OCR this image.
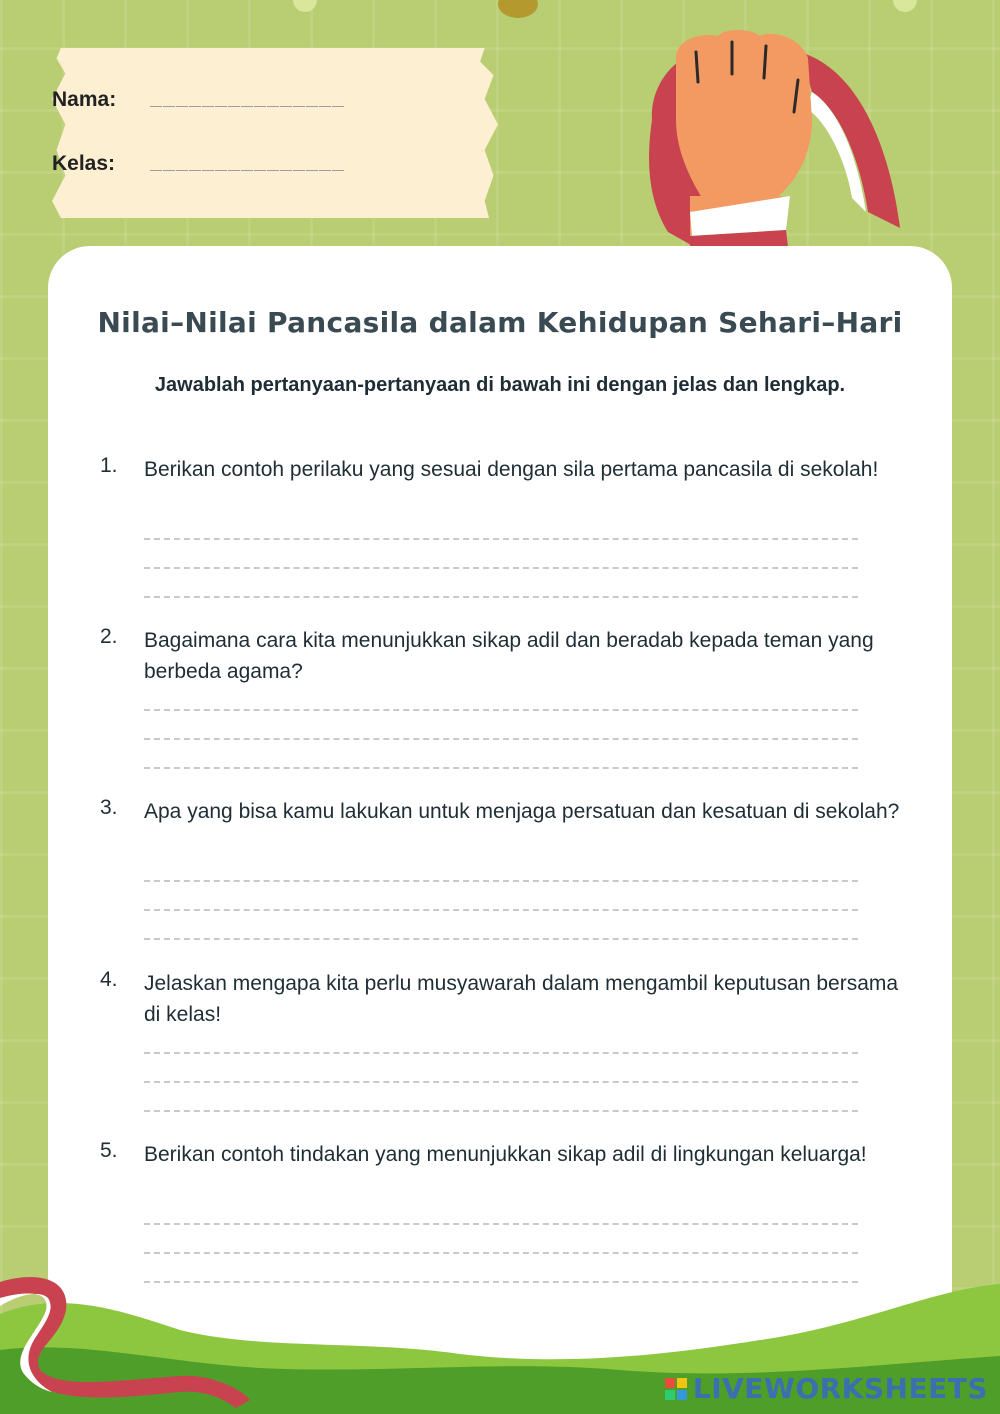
Nama:	_______________
Kelas:	_______________
Nilai–Nilai Pancasila dalam Kehidupan Sehari–Hari

Jawablah pertanyaan-pertanyaan di bawah ini dengan jelas dan lengkap.

1. Berikan contoh perilaku yang sesuai dengan sila pertama pancasila di sekolah!
2. Bagaimana cara kita menunjukkan sikap adil dan beradab kepada teman yang berbeda agama?
3. Apa yang bisa kamu lakukan untuk menjaga persatuan dan kesatuan di sekolah?
4. Jelaskan mengapa kita perlu musyawarah dalam mengambil keputusan bersama di kelas!
5. Berikan contoh tindakan yang menunjukkan sikap adil di lingkungan keluarga!
LIVEWORKSHEETS
